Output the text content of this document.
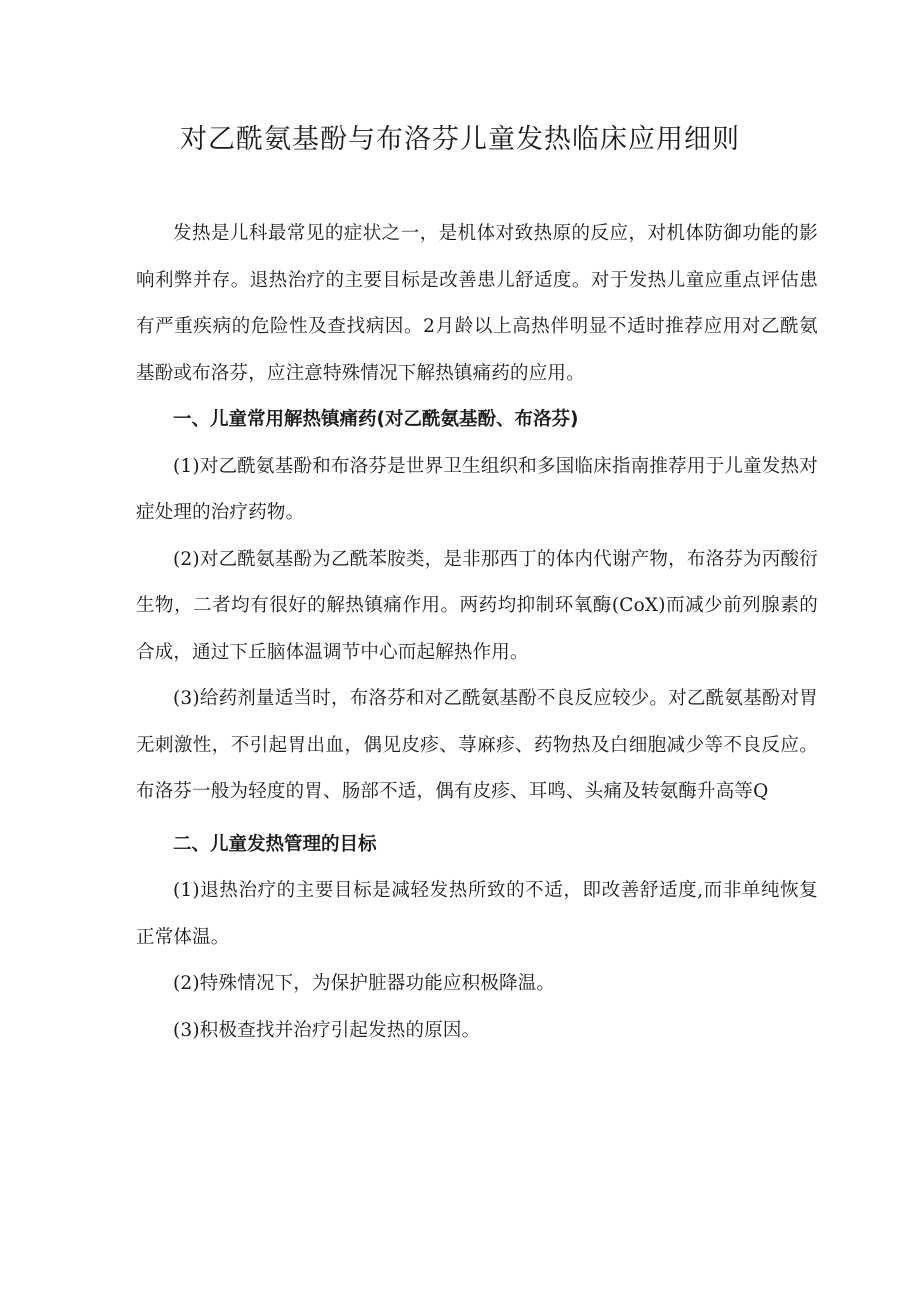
对乙酰氨基酚与布洛芬儿童发热临床应用细则

发热是儿科最常见的症状之一，是机体对致热原的反应，对机体防御功能的影响利弊并存。退热治疗的主要目标是改善患儿舒适度。对于发热儿童应重点评估患有严重疾病的危险性及查找病因。2月龄以上高热伴明显不适时推荐应用对乙酰氨基酚或布洛芬，应注意特殊情况下解热镇痛药的应用。

一、儿童常用解热镇痛药(对乙酰氨基酚、布洛芬)

(1)对乙酰氨基酚和布洛芬是世界卫生组织和多国临床指南推荐用于儿童发热对症处理的治疗药物。

(2)对乙酰氨基酚为乙酰苯胺类，是非那西丁的体内代谢产物，布洛芬为丙酸衍生物，二者均有很好的解热镇痛作用。两药均抑制环氧酶(CoX)而减少前列腺素的合成，通过下丘脑体温调节中心而起解热作用。

(3)给药剂量适当时，布洛芬和对乙酰氨基酚不良反应较少。对乙酰氨基酚对胃无刺激性，不引起胃出血，偶见皮疹、荨麻疹、药物热及白细胞减少等不良反应。布洛芬一般为轻度的胃、肠部不适，偶有皮疹、耳鸣、头痛及转氨酶升高等Q

二、儿童发热管理的目标

(1)退热治疗的主要目标是减轻发热所致的不适，即改善舒适度,而非单纯恢复正常体温。

(2)特殊情况下，为保护脏器功能应积极降温。

(3)积极查找并治疗引起发热的原因。
